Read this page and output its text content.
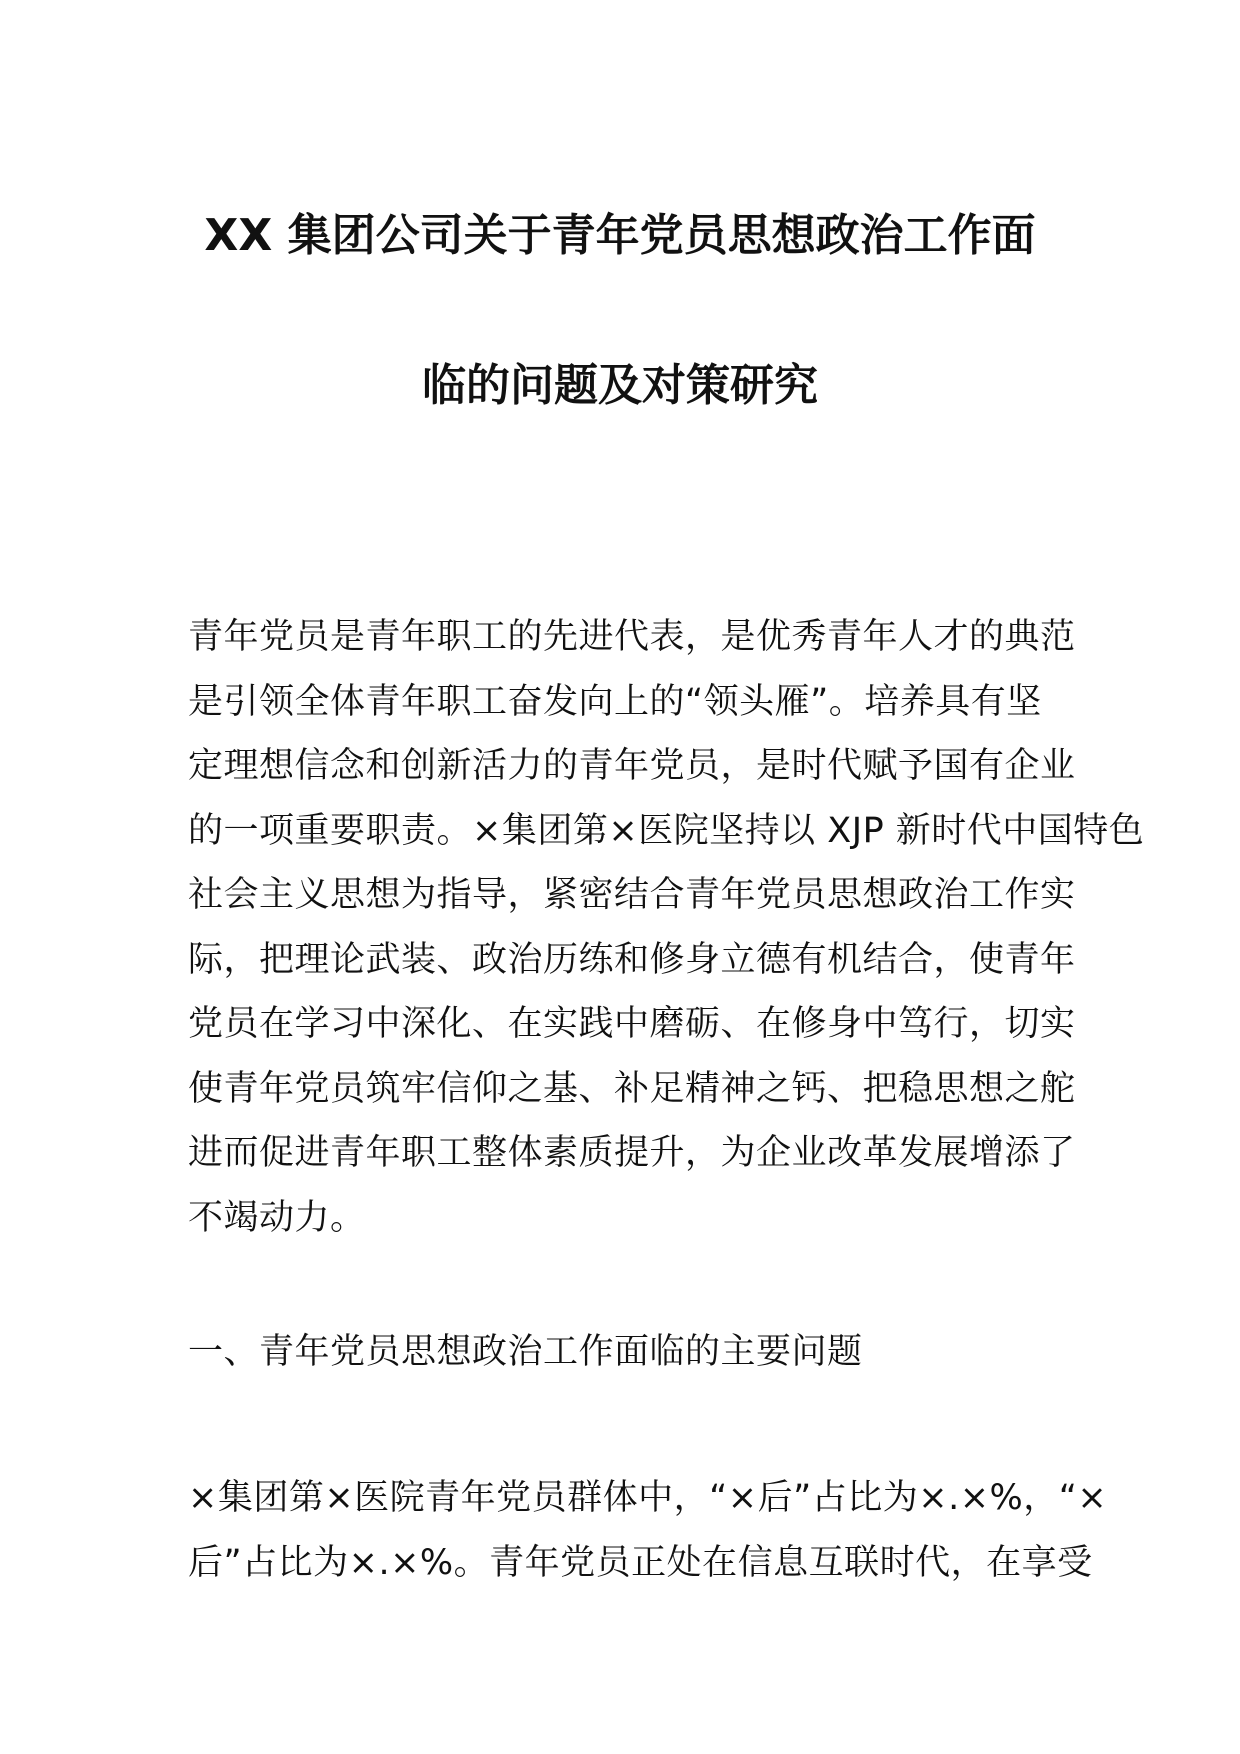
XX 集团公司关于青年党员思想政治工作面
临的问题及对策研究
青年党员是青年职工的先进代表，是优秀青年人才的典范
是引领全体青年职工奋发向上的“领头雁”。培养具有坚
定理想信念和创新活力的青年党员，是时代赋予国有企业
的一项重要职责。×集团第×医院坚持以 XJP 新时代中国特色
社会主义思想为指导，紧密结合青年党员思想政治工作实
际，把理论武装、政治历练和修身立德有机结合，使青年
党员在学习中深化、在实践中磨砺、在修身中笃行，切实
使青年党员筑牢信仰之基、补足精神之钙、把稳思想之舵
进而促进青年职工整体素质提升，为企业改革发展增添了
不竭动力。
一、青年党员思想政治工作面临的主要问题
×集团第×医院青年党员群体中，“×后”占比为×.×%，“×
后”占比为×.×%。青年党员正处在信息互联时代，在享受
